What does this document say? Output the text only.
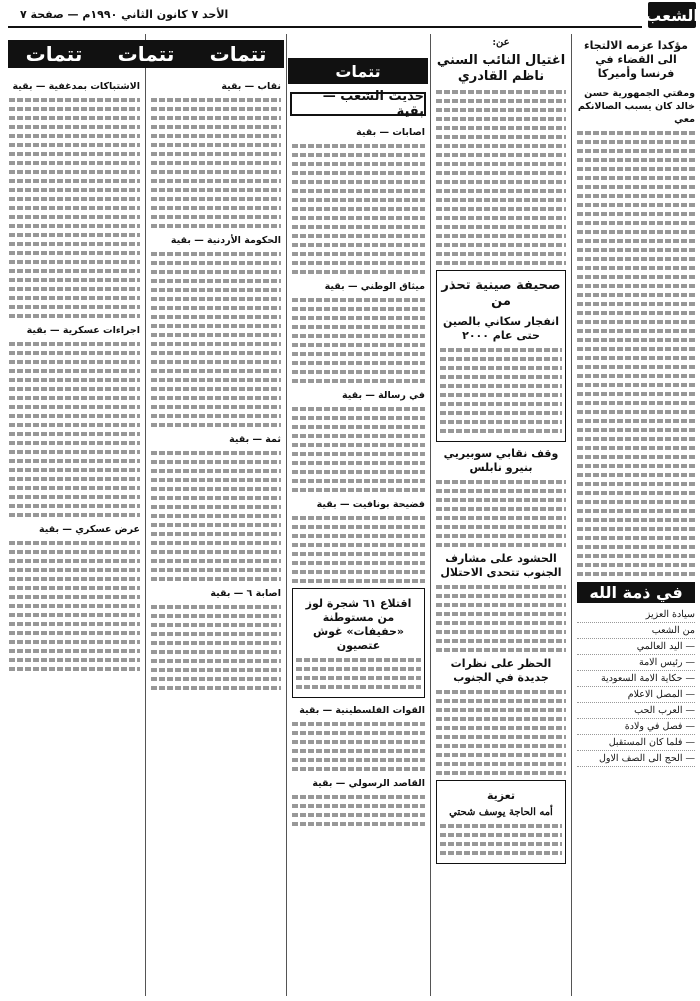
الشعب
الأحد ٧ كانون الثاني ١٩٩٠م — صفحة ٧
تتمات
تتمات
تتمات
تتمات
حديث الشعب — بقية
مؤكدا عزمه الالتجاء الى القضاء في فرنسا وأميركا
ومقتي الجمهورية حسن خالد كان يسبب الصالانكم معي
في ذمة الله
سيادة العزيز
من الشعب
— اليد العالمي
— رئيس الامة
— حكاية الامة السعودية
— المصل الاعلام
— العرب الحب
— فصل في ولادة
— فلما كان المستقبل
— الحج الى الصف الاول
عن:
اغتيال النائب السني ناظم القادري
صحيفة صينية تحذر من
انفجار سكاني بالصين حتى عام ٢٠٠٠
وقف نقابي سوبيريي بنيرو نابلس
الحشود على مشارف الجنوب تتحدى الاحتلال
الحظر على نظرات جديدة في الجنوب
تعزية
أمه الحاجة يوسف شحتي
اصابات — بقية
ميثاق الوطني — بقية
في رسالة — بقية
فضيحة بونافيت — بقية
اقتلاع ٦١ شجرة لوز من مستوطنة «حفيفات» غوش عتصيون
القوات الفلسطينية — بقية
القاصد الرسولي — بقية
نقاب — بقية
الحكومة الأردنية — بقية
ثمة — بقية
اصابة ٦ — بقية
الاشتباكات بمدغفية — بقية
اجراءات عسكرية — بقية
عرض عسكري — بقية
